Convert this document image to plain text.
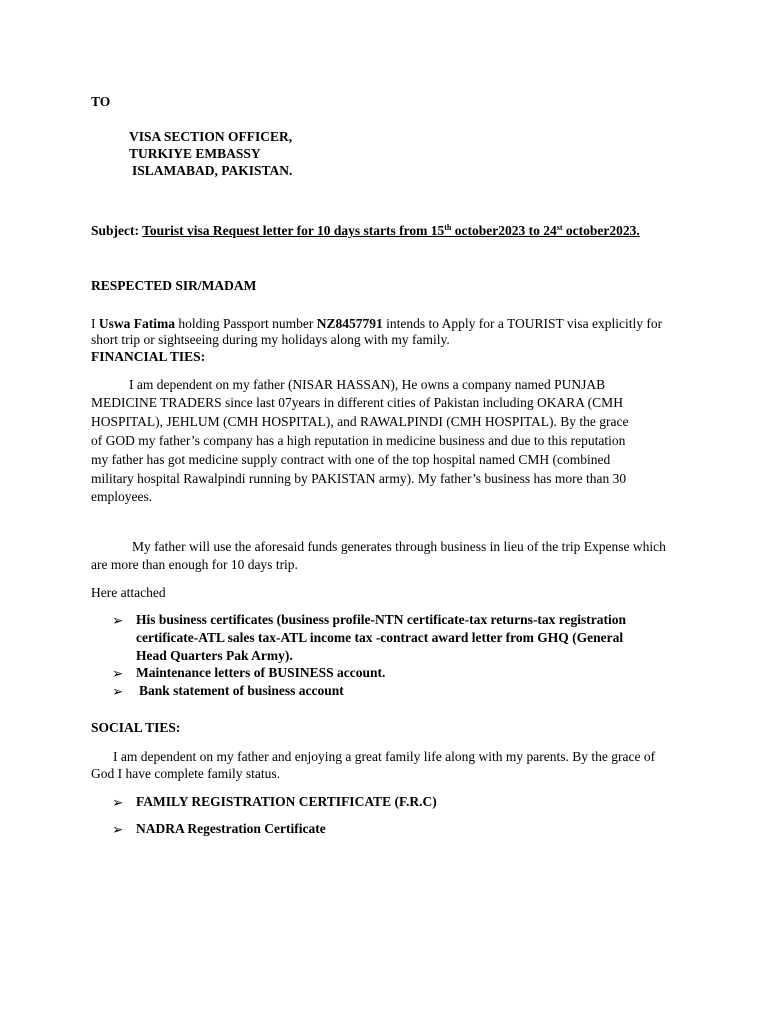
TO

VISA SECTION OFFICER,

TURKIYE EMBASSY

ISLAMABAD, PAKISTAN.

Subject: Tourist visa Request letter for 10 days starts from 15th october2023 to 24st october2023.

RESPECTED SIR/MADAM

I Uswa Fatima holding Passport number NZ8457791 intends to Apply for a TOURIST visa explicitly for

short trip or sightseeing during my holidays along with my family.

FINANCIAL TIES:

I am dependent on my father (NISAR HASSAN), He owns a company named PUNJAB

MEDICINE TRADERS since last 07years in different cities of Pakistan including OKARA (CMH

HOSPITAL), JEHLUM (CMH HOSPITAL), and RAWALPINDI (CMH HOSPITAL). By the grace

of GOD my father’s company has a high reputation in medicine business and due to this reputation

my father has got medicine supply contract with one of the top hospital named CMH (combined

military hospital Rawalpindi running by PAKISTAN army). My father’s business has more than 30

employees.

My father will use the aforesaid funds generates through business in lieu of the trip Expense which

are more than enough for 10 days trip.

Here attached

➢ His business certificates (business profile-NTN certificate-tax returns-tax registration

certificate-ATL sales tax-ATL income tax -contract award letter from GHQ (General

Head Quarters Pak Army).

➢ Maintenance letters of BUSINESS account.

➢ Bank statement of business account

SOCIAL TIES:

I am dependent on my father and enjoying a great family life along with my parents. By the grace of

God I have complete family status.

➢ FAMILY REGISTRATION CERTIFICATE (F.R.C)

➢ NADRA Regestration Certificate
